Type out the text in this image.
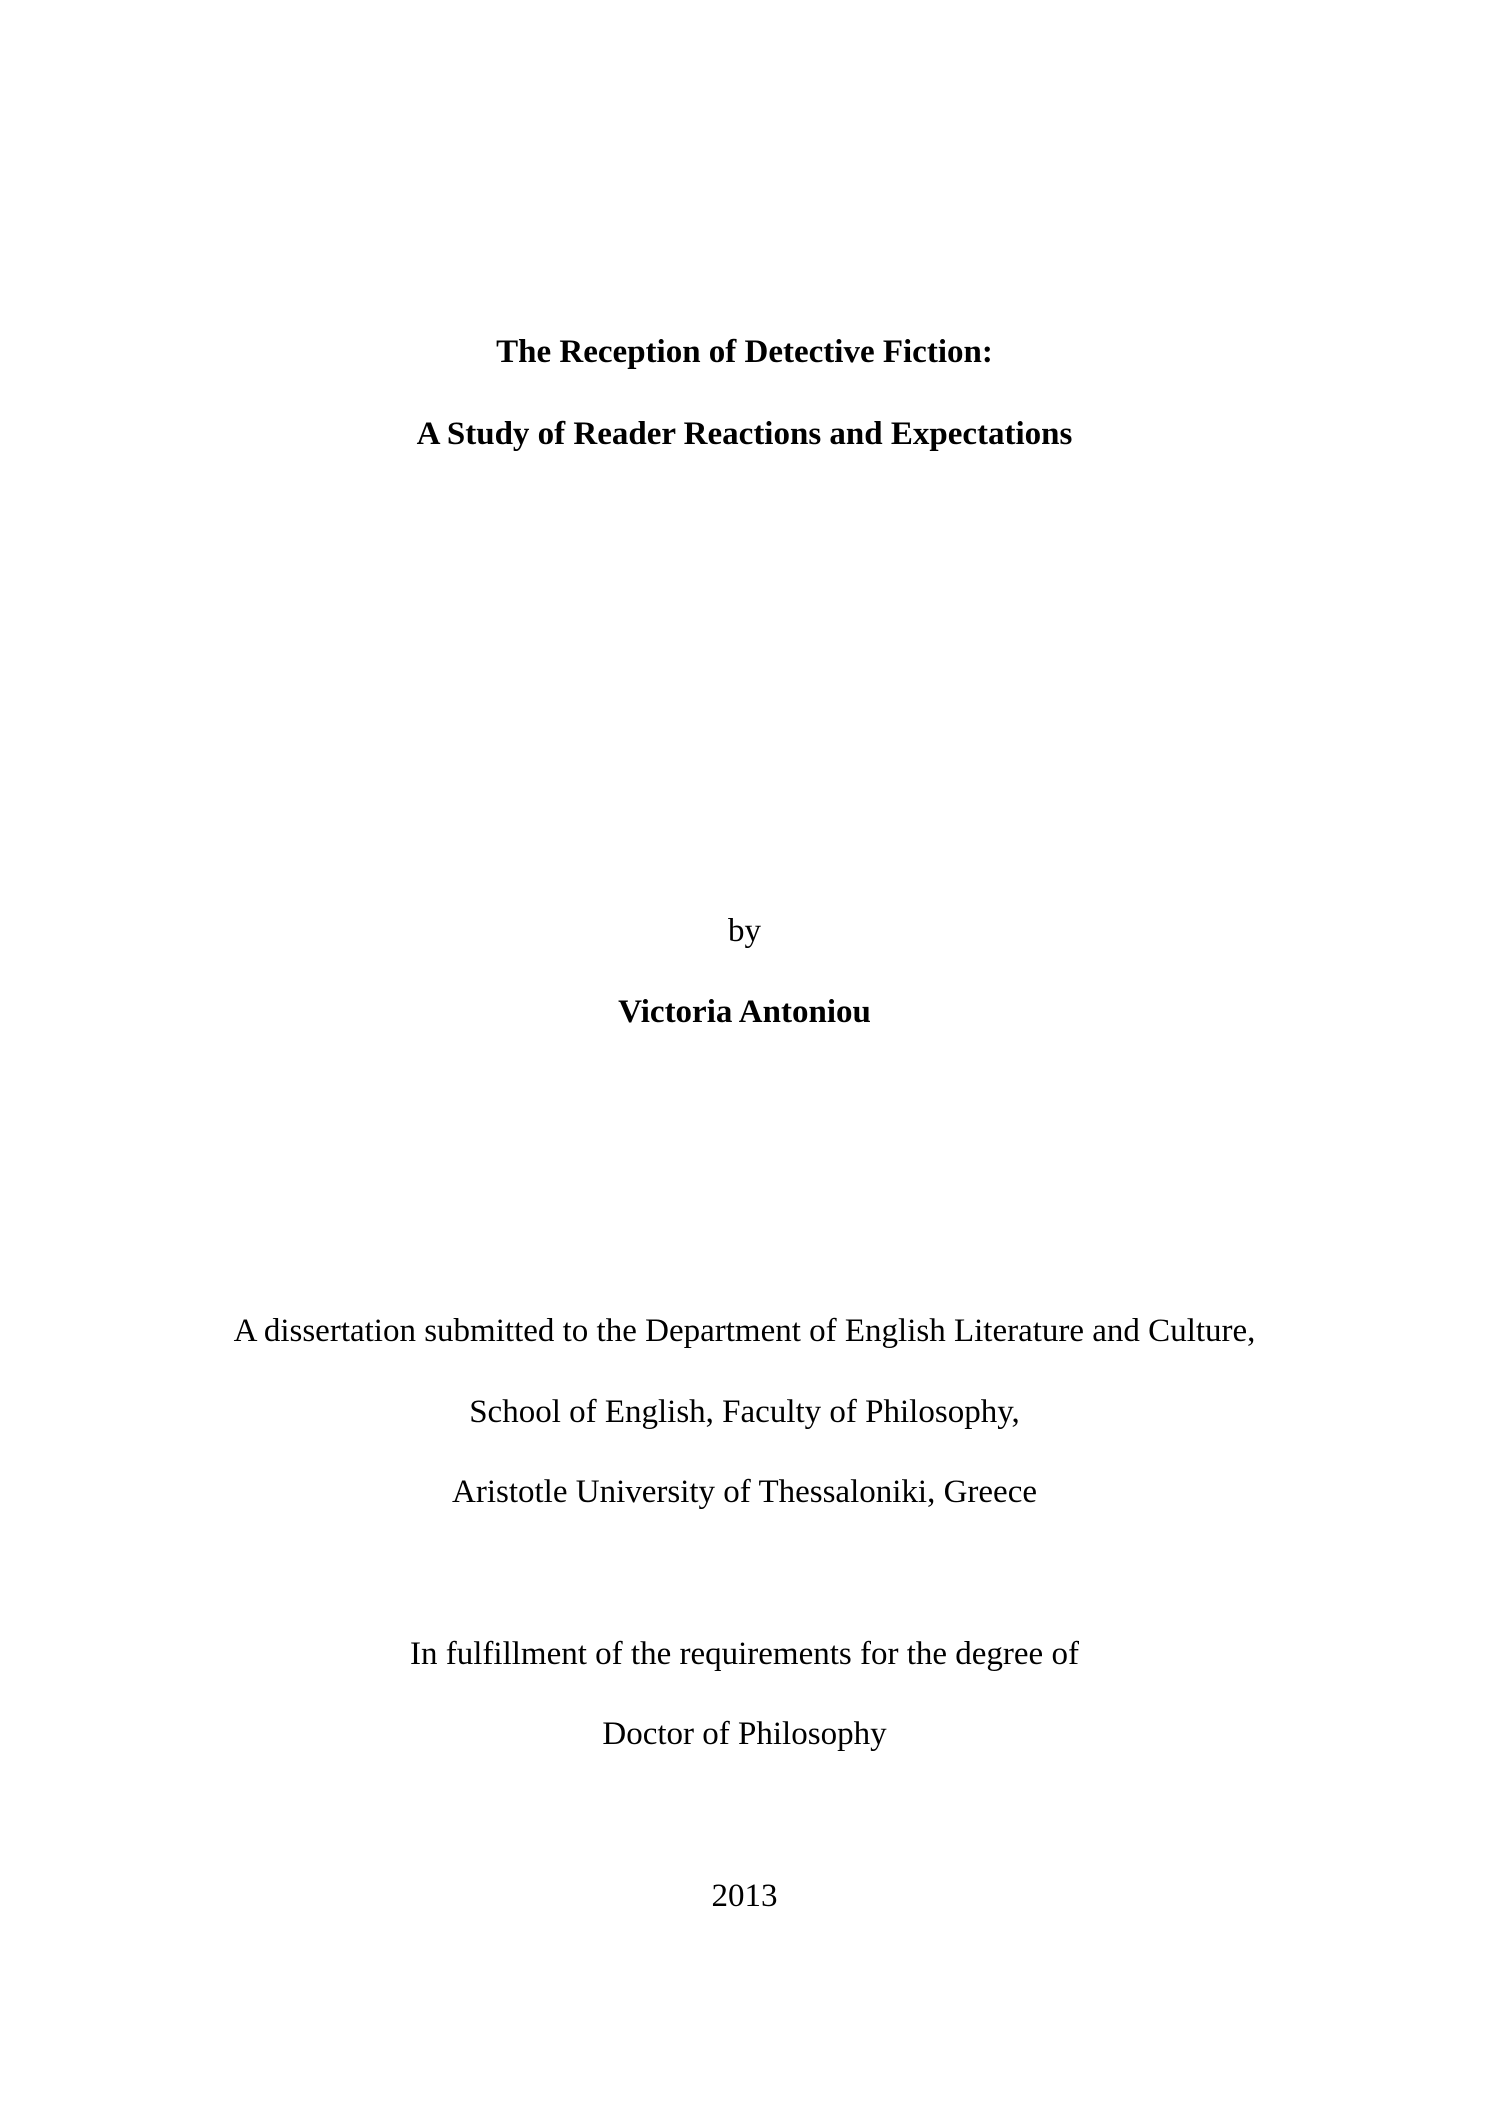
The Reception of Detective Fiction:
A Study of Reader Reactions and Expectations
by
Victoria Antoniou
A dissertation submitted to the Department of English Literature and Culture,
School of English, Faculty of Philosophy,
Aristotle University of Thessaloniki, Greece
In fulfillment of the requirements for the degree of
Doctor of Philosophy
2013
